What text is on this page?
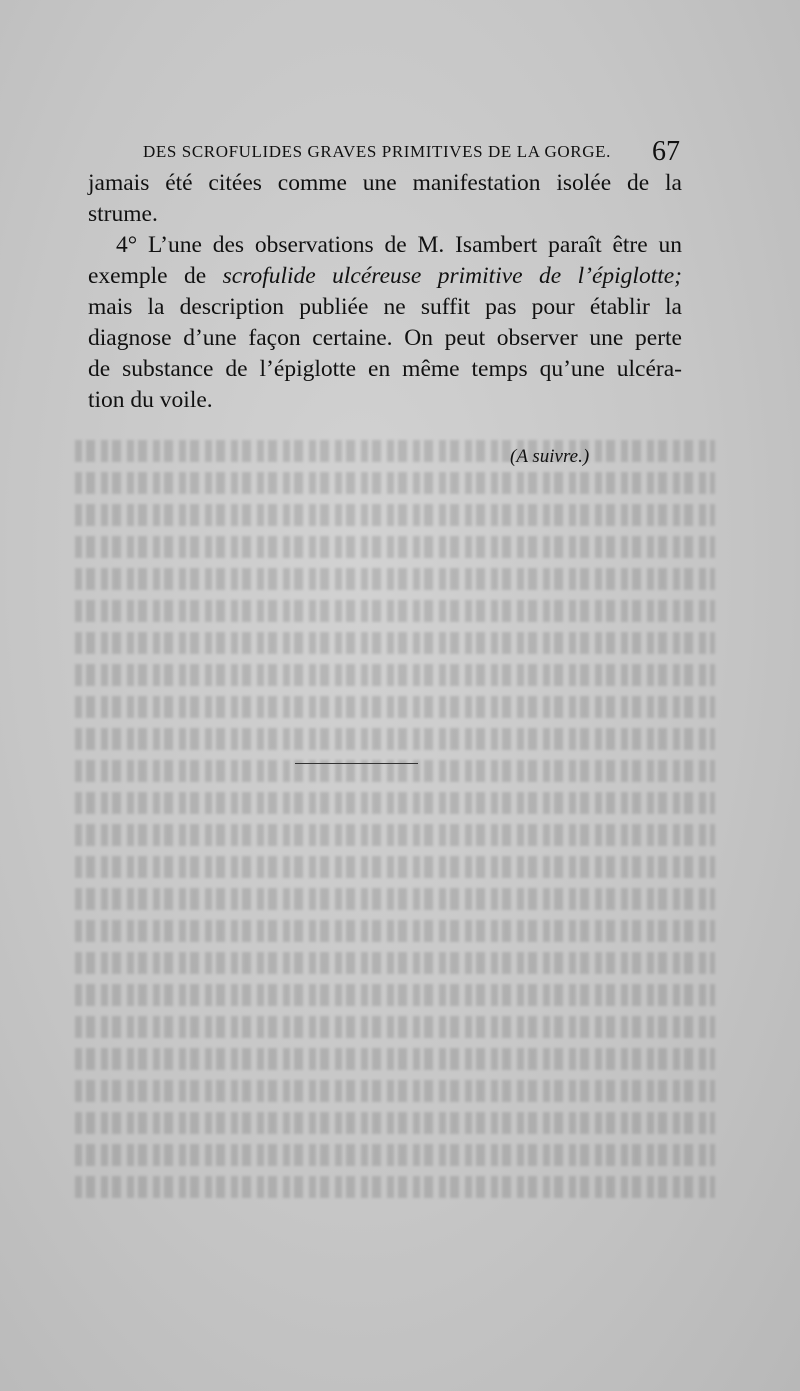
DES SCROFULIDES GRAVES PRIMITIVES DE LA GORGE. 67
jamais été citées comme une manifestation isolée de la
strume.
4° L’une des observations de M. Isambert paraît être un
exemple de scrofulide ulcéreuse primitive de l’épiglotte;
mais la description publiée ne suffit pas pour établir la
diagnose d’une façon certaine. On peut observer une perte
de substance de l’épiglotte en même temps qu’une ulcéra-
tion du voile.
(A suivre.)
